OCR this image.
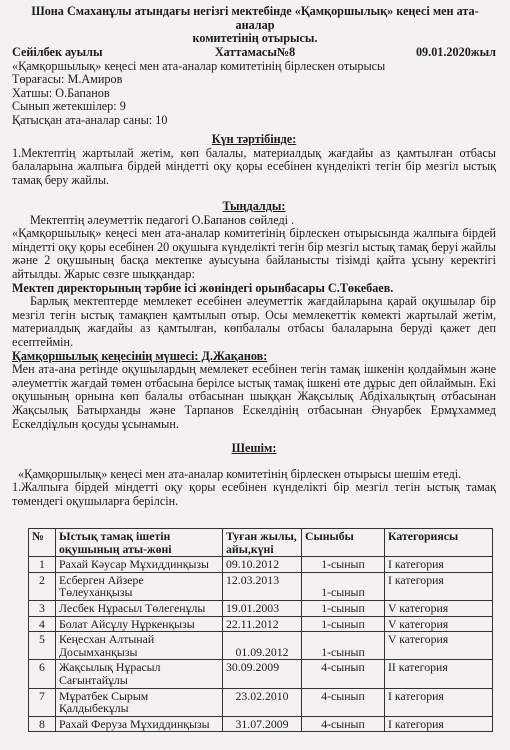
Шона Смаханұлы атындағы негізгі мектебінде «Қамқоршылық» кеңесі мен ата-аналар
комитетінің отырысы.
Хаттамасы№8
Сейілбек ауылы	09.01.2020жыл
«Қамқоршылық» кеңесі мен ата-аналар комитетінің бірлескен отырысы
Төрағасы: М.Амиров
Хатшы: О.Бапанов
Сынып жетекшілер: 9
Қатысқан ата-аналар саны: 10
Күн тәртібінде:
1.Мектептің жартылай жетім, көп балалы, материалдық жағдайы аз қамтылған отбасы балаларына жалпыға бірдей міндетті оқу қоры есебінен күнделікті тегін бір мезгіл ыстық тамақ беру жайлы.
Тыңдалды:
Мектептің әлеуметтік педагогі О.Бапанов сөйледі .
«Қамқоршылық» кеңесі мен ата-аналар комитетінің бірлескен отырысында жалпыға бірдей міндетті оқу қоры есебінен 20 оқушыға күнделікті тегін бір мезгіл ыстық тамақ беруі жайлы және 2 оқушының басқа мектепке ауысуына байланысты тізімді қайта ұсыну керектігі айтылды. Жарыс сөзге шыққандар:
Мектеп директорының тәрбие ісі жөніндегі орынбасары С.Төкебаев.
Барлық мектептерде мемлекет есебінен әлеуметтік жағдайларына қарай оқушылар бір мезгіл тегін ыстық тамақпен қамтылып отыр. Осы мемлекеттік көмекті жартылай жетім, материалдық жағдайы аз қамтылған, көпбалалы отбасы балаларына беруді қажет деп есептеймін.
Қамқоршылық кеңесінің мүшесі: Д.Жақанов:
Мен ата-ана ретінде оқушылардың мемлекет есебінен тегін тамақ ішкенін қолдаймын және әлеуметтік жағдай төмен отбасына берілсе ыстық тамақ ішкені өте дұрыс деп ойлаймын. Екі оқушының орнына көп балалы отбасынан шыққан Жақсылық Абдіхалықтың отбасынан Жақсылық Батырханды және Тарпанов Ескелдінің отбасынан Әнуарбек Ермұхаммед Ескелдіұлын қосуды ұсынамын.
Шешім:
«Қамқоршылық» кеңесі мен ата-аналар комитетінің бірлескен отырысы шешім етеді.
1.Жалпыға бірдей міндетті оқу қоры есебінен күнделікті бір мезгіл тегін ыстық тамақ төмендегі оқушыларға берілсін.
№	Ыстық тамақ ішетін оқушының аты-жөні	Туған жылы, айы,күні	Сыныбы	Категориясы
1	Рахай Кәусар Мұхиддинқызы	09.10.2012	1-сынып	І категория
2	Есберген Айзере Төлеуханқызы	12.03.2013	1-сынып	І категория
3	Лесбек Нұрасыл Төлегенұлы	19.01.2003	1-сынып	V категория
4	Болат Айсұлу Нұркенқызы	22.11.2012	1-сынып	V категория
5	Кеңесхан Алтынай Досымханқызы	01.09.2012	1-сынып	V категория
6	Жақсылық Нұрасыл Сағынтайұлы	30.09.2009	4-сынып	ІІ категория
7	Мұратбек Сырым Қалдыбекұлы	23.02.2010	4-сынып	І категория
8	Рахай Феруза Мұхиддинқызы	31.07.2009	4-сынып	І категория
